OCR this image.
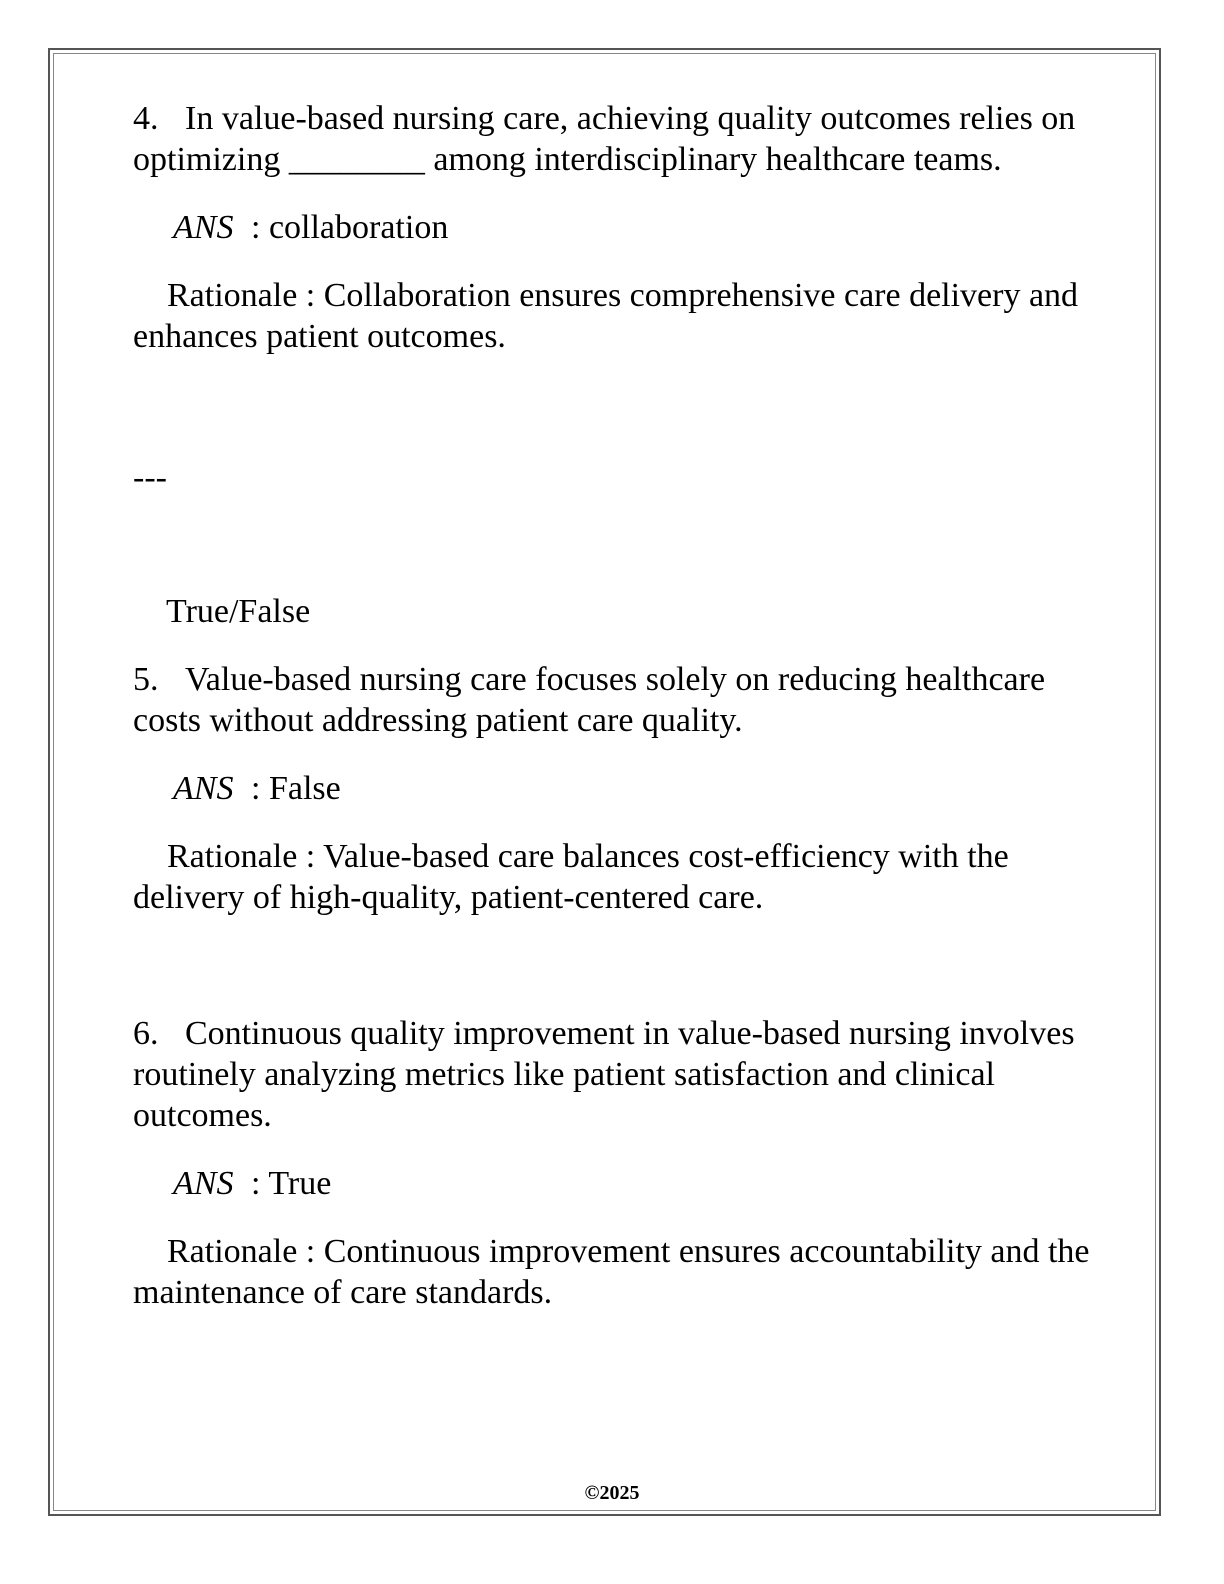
4. In value-based nursing care, achieving quality outcomes relies on optimizing ________ among interdisciplinary healthcare teams.

ANS : collaboration

Rationale : Collaboration ensures comprehensive care delivery and enhances patient outcomes.

---

True/False

5. Value-based nursing care focuses solely on reducing healthcare costs without addressing patient care quality.

ANS : False

Rationale : Value-based care balances cost-efficiency with the delivery of high-quality, patient-centered care.

6. Continuous quality improvement in value-based nursing involves routinely analyzing metrics like patient satisfaction and clinical outcomes.

ANS : True

Rationale : Continuous improvement ensures accountability and the maintenance of care standards.

©2025
